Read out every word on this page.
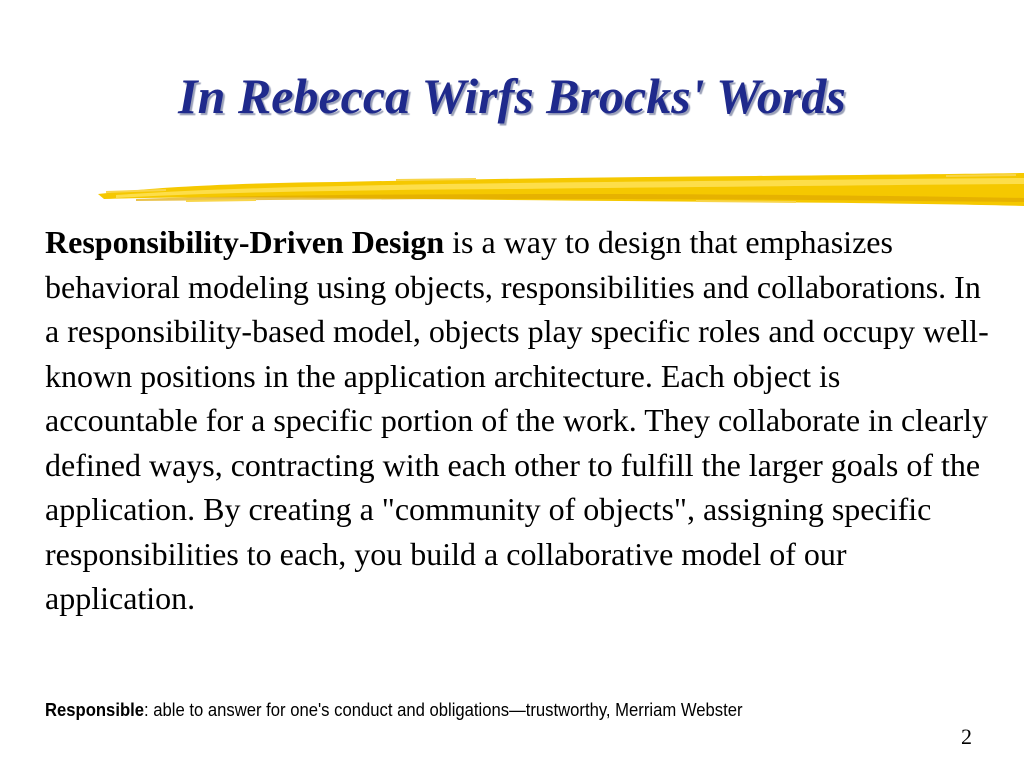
In Rebecca Wirfs Brocks' Words

Responsibility-Driven Design is a way to design that emphasizes behavioral modeling using objects, responsibilities and collaborations. In a responsibility-based model, objects play specific roles and occupy well-known positions in the application architecture. Each object is accountable for a specific portion of the work. They collaborate in clearly defined ways, contracting with each other to fulfill the larger goals of the application. By creating a "community of objects", assigning specific responsibilities to each, you build a collaborative model of our application.

Responsible: able to answer for one's conduct and obligations—trustworthy, Merriam Webster

2
